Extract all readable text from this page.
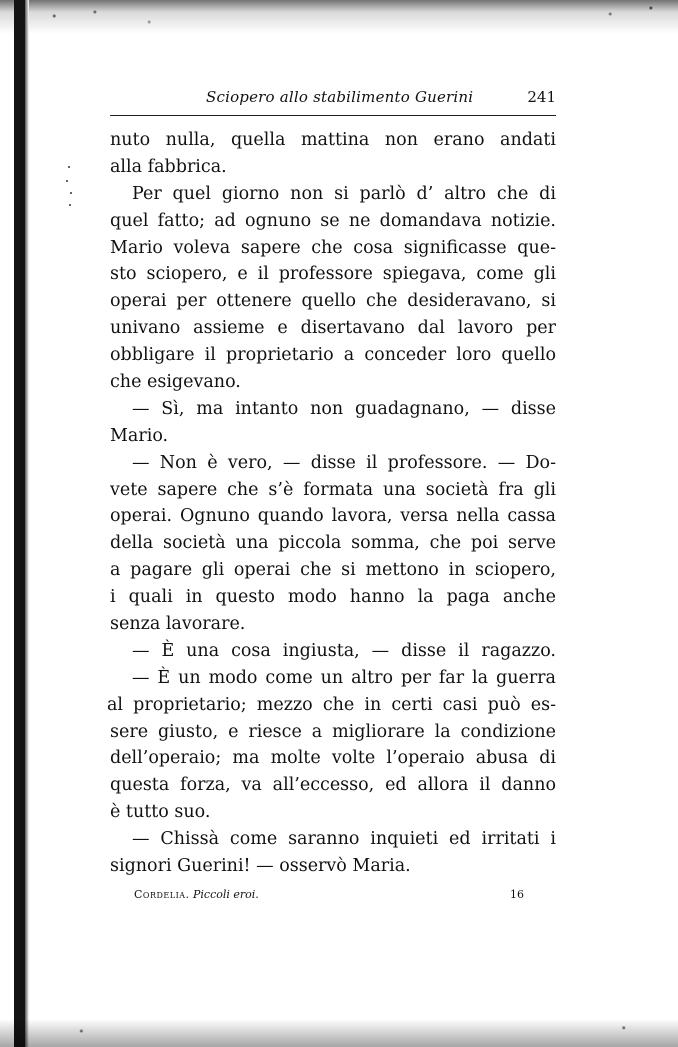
Sciopero allo stabilimento Guerini	241
nuto nulla, quella mattina non erano andati
alla fabbrica.
Per quel giorno non si parlò d’ altro che di
quel fatto; ad ognuno se ne domandava notizie.
Mario voleva sapere che cosa significasse que-
sto sciopero, e il professore spiegava, come gli
operai per ottenere quello che desideravano, si
univano assieme e disertavano dal lavoro per
obbligare il proprietario a conceder loro quello
che esigevano.
— Sì, ma intanto non guadagnano, — disse
Mario.
— Non è vero, — disse il professore. — Do-
vete sapere che s’è formata una società fra gli
operai. Ognuno quando lavora, versa nella cassa
della società una piccola somma, che poi serve
a pagare gli operai che si mettono in sciopero,
i quali in questo modo hanno la paga anche
senza lavorare.
— È una cosa ingiusta, — disse il ragazzo.
— È un modo come un altro per far la guerra
al proprietario; mezzo che in certi casi può es-
sere giusto, e riesce a migliorare la condizione
dell’operaio; ma molte volte l’operaio abusa di
questa forza, va all’eccesso, ed allora il danno
è tutto suo.
— Chissà come saranno inquieti ed irritati i
signori Guerini! — osservò Maria.
Cordelia. Piccoli eroi.	16
